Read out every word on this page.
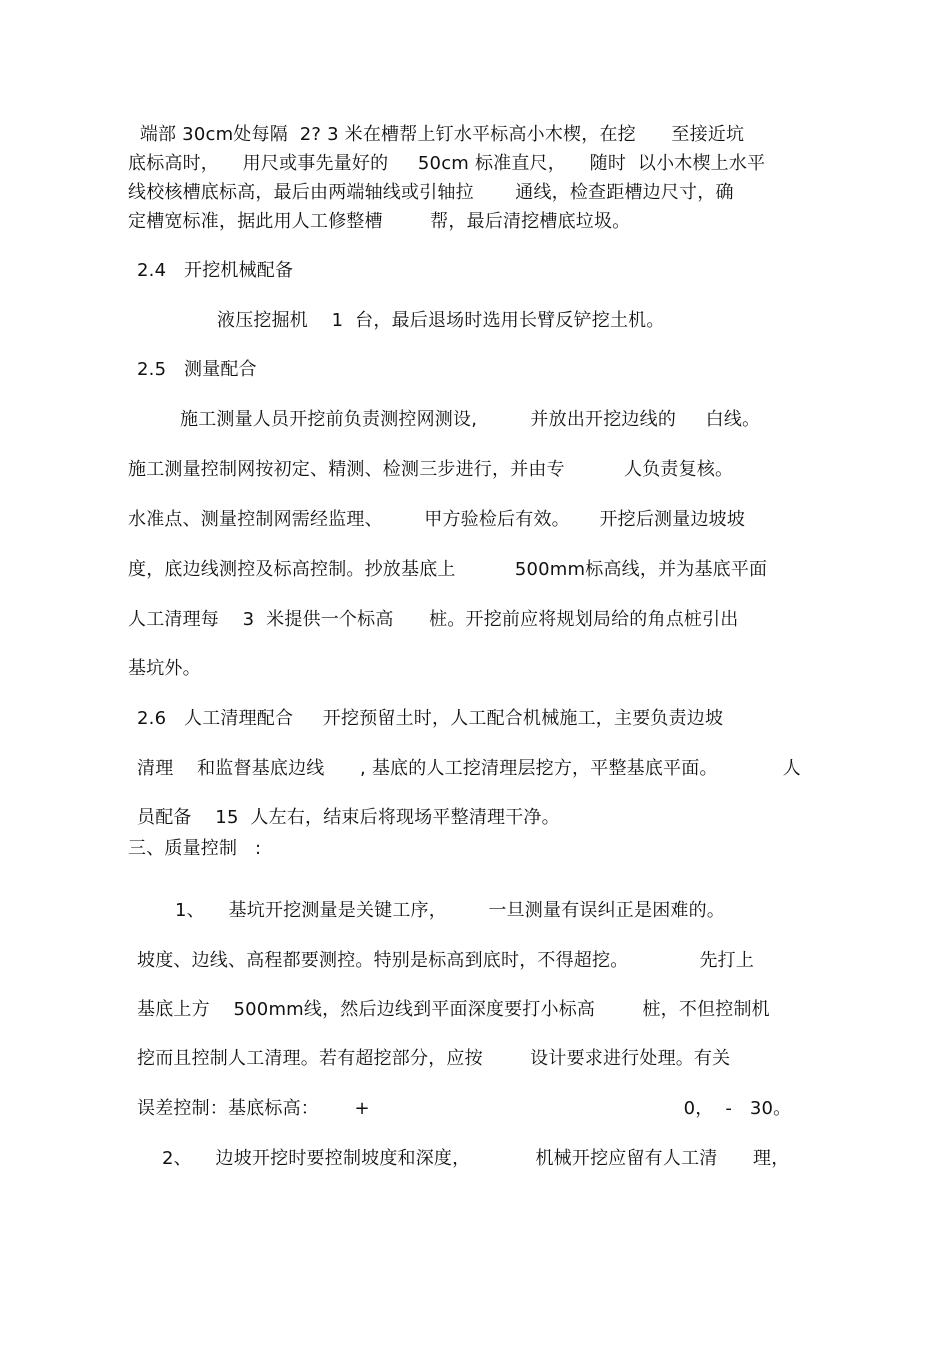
端部 30cm处每隔  2? 3 米在槽帮上钉水平标高小木楔，在挖      至接近坑

底标高时，    用尺或事先量好的     50cm 标准直尺，    随时  以小木楔上水平

线校核槽底标高，最后由两端轴线或引轴拉       通线，检查距槽边尺寸，确

定槽宽标准，据此用人工修整槽        帮，最后清挖槽底垃圾。

2.4   开挖机械配备

液压挖掘机    1  台，最后退场时选用长臂反铲挖土机。

2.5   测量配合

施工测量人员开挖前负责测控网测设,         并放出开挖边线的     白线。

施工测量控制网按初定、精测、检测三步进行，并由专          人负责复核。

水准点、测量控制网需经监理、       甲方验检后有效。     开挖后测量边坡坡

度，底边线测控及标高控制。抄放基底上          500mm标高线，并为基底平面

人工清理每    3  米提供一个标高      桩。开挖前应将规划局给的角点桩引出

基坑外。

2.6   人工清理配合     开挖预留土时，人工配合机械施工，主要负责边坡

清理    和监督基底边线      , 基底的人工挖清理层挖方，平整基底平面。           人

员配备    15  人左右，结束后将现场平整清理干净。

三、质量控制   :

1、    基坑开挖测量是关键工序，       一旦测量有误纠正是困难的。

坡度、边线、高程都要测控。特别是标高到底时，不得超挖。            先打上

基底上方    500mm线，然后边线到平面深度要打小标高        桩，不但控制机

挖而且控制人工清理。若有超挖部分，应按        设计要求进行处理。有关

误差控制：基底标高：      +                                                     0，  -   30。

2、    边坡开挖时要控制坡度和深度，           机械开挖应留有人工清      理，
